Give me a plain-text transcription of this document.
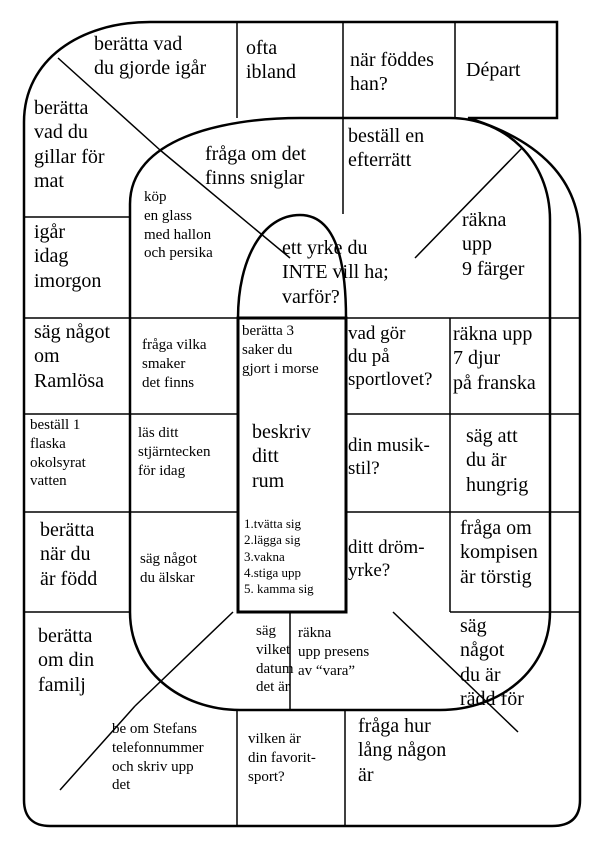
berätta vad
du gjorde igår
ofta
ibland
när föddes
han?
Départ
berätta
vad du
gillar för
mat
igår
idag
imorgon
säg något
om
Ramlösa
beställ 1
flaska
okolsyrat
vatten
berätta
när du
är född
berätta
om din
familj
be om Stefans
telefonnummer
och skriv upp
det
vilken är
din favorit-
sport?
fråga hur
lång någon
är
säg
något
du är
rädd för
fråga om
kompisen
är törstig
säg att
du är
hungrig
räkna upp
7 djur
på franska
räkna
upp
9 färger
beställ en
efterrätt
fråga om det
finns sniglar
köp
en glass
med hallon
och persika
fråga vilka
smaker
det finns
läs ditt
stjärntecken
för idag
säg något
du älskar
säg
vilket
datum
det är
räkna
upp presens
av “vara”
ditt dröm-
yrke?
din musik-
stil?
vad gör
du på
sportlovet?
ett yrke du
INTE vill ha;
varför?
berätta 3
saker du
gjort i morse
beskriv
ditt
rum
1.tvätta sig
2.lägga sig
3.vakna
4.stiga upp
5. kamma sig
